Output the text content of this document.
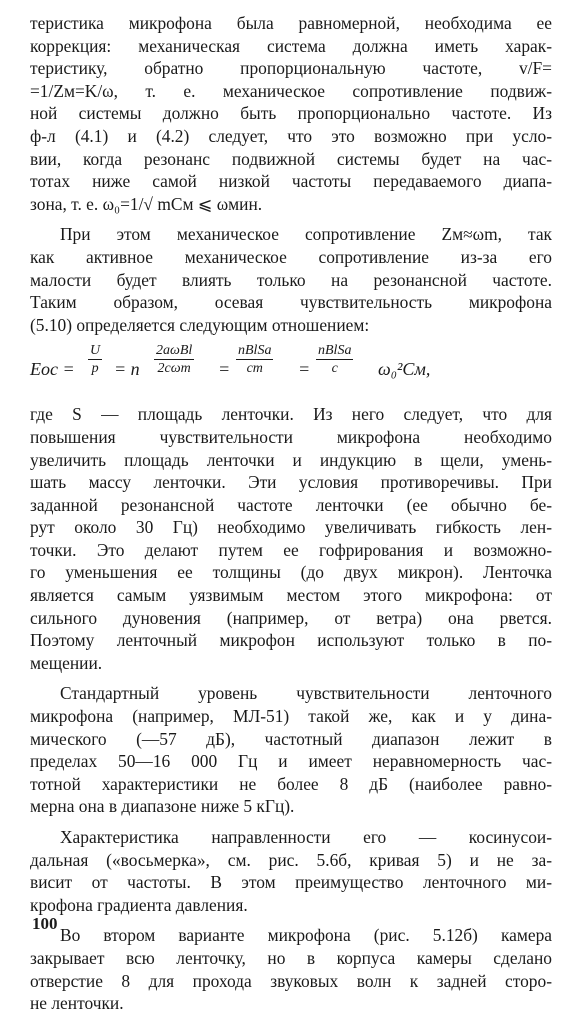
теристика микрофона была равномерной, необходима ее
коррекция: механическая система должна иметь харак-
теристику, обратно пропорциональную частоте, v/F=
=1/Zм=K/ω, т. е. механическое сопротивление подвиж-
ной системы должно быть пропорционально частоте. Из
ф-л (4.1) и (4.2) следует, что это возможно при усло-
вии, когда резонанс подвижной системы будет на час-
тотах ниже самой низкой частоты передаваемого диапа-
зона, т. е. ω₀=1/√ mCм ⩽ ωмин.
При этом механическое сопротивление Zм≈ωm, так
как активное механическое сопротивление из-за его
малости будет влиять только на резонансной частоте.
Таким образом, осевая чувствительность микрофона
(5.10) определяется следующим отношением:
Eос = $\frac{U}{p} = n$
2aωBl
2cωm =
nBlSa
cm =
nBlSa
c ω₀²Cм,
где S — площадь ленточки. Из него следует, что для
повышения чувствительности микрофона необходимо
увеличить площадь ленточки и индукцию в щели, умень-
шать массу ленточки. Эти условия противоречивы. При
заданной резонансной частоте ленточки (ее обычно бе-
рут около 30 Гц) необходимо увеличивать гибкость лен-
точки. Это делают путем ее гофрирования и возможно-
го уменьшения ее толщины (до двух микрон). Ленточка
является самым уязвимым местом этого микрофона: от
сильного дуновения (например, от ветра) она рвется.
Поэтому ленточный микрофон используют только в по-
мещении.
Стандартный уровень чувствительности ленточного
микрофона (например, МЛ-51) такой же, как и у дина-
мического (—57 дБ), частотный диапазон лежит в
пределах 50—16 000 Гц и имеет неравномерность час-
тотной характеристики не более 8 дБ (наиболее равно-
мерна она в диапазоне ниже 5 кГц).
Характеристика направленности его — косинусои-
дальная («восьмерка», см. рис. 5.6б, кривая 5) и не за-
висит от частоты. В этом преимущество ленточного ми-
крофона градиента давления.
Во втором варианте микрофона (рис. 5.12б) камера
закрывает всю ленточку, но в корпуса камеры сделано
отверстие 8 для прохода звуковых волн к задней сторо-
не ленточки.
100
